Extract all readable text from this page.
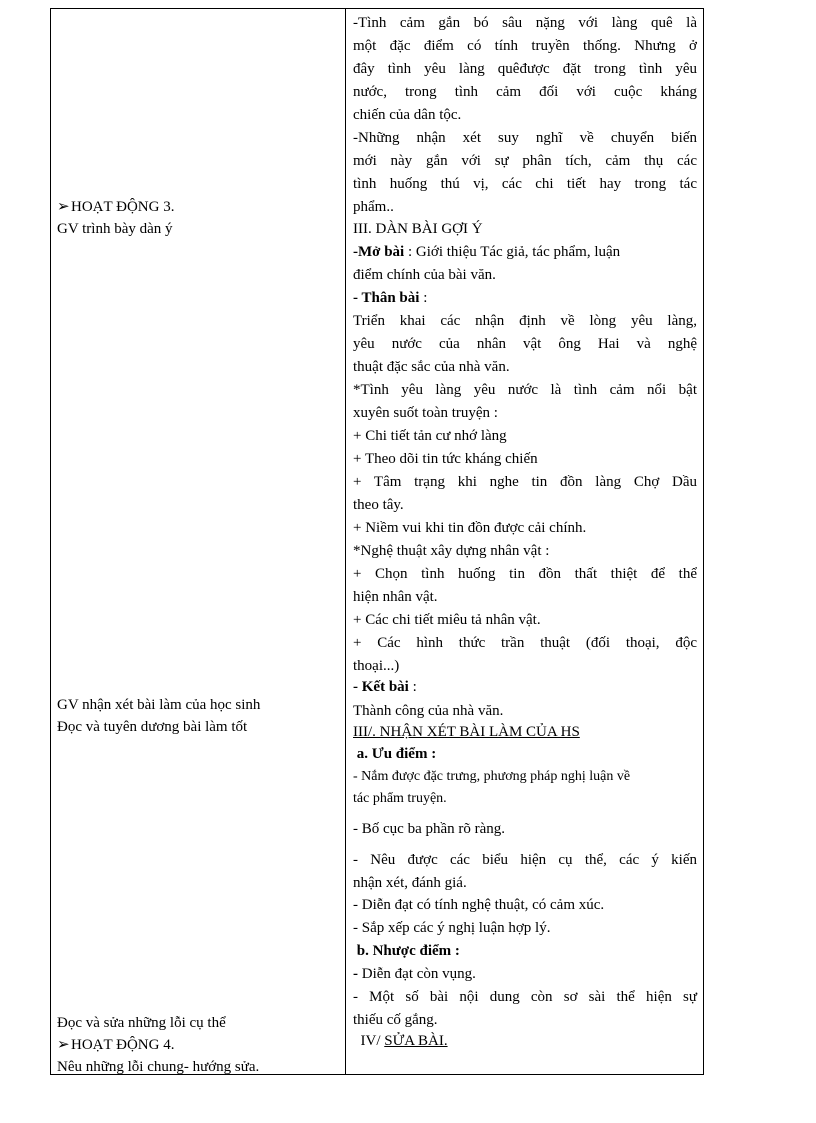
➢HOẠT ĐỘNG 3.
GV trình bày dàn ý
GV nhận xét bài làm của học sinh
Đọc và tuyên dương bài làm tốt
Đọc và sửa những lỗi cụ thể
➢HOẠT ĐỘNG 4.
Nêu những lỗi chung- hướng sửa.
-Tình cảm gắn bó sâu nặng với làng quê là
một đặc điểm có tính truyền thống. Nhưng ở
đây tình yêu làng quêđược đặt trong tình yêu
nước, trong tình cảm đối với cuộc kháng
chiến của dân tộc.
-Những nhận xét suy nghĩ về chuyển biến
mới này gắn với sự phân tích, cảm thụ các
tình huống thú vị, các chi tiết hay trong tác
phẩm..
III. DÀN BÀI GỢI Ý
-Mở bài : Giới thiệu Tác giả, tác phẩm, luận
điểm chính của bài văn.
- Thân bài :
Triển khai các nhận định về lòng yêu làng,
yêu nước của nhân vật ông Hai và nghệ
thuật đặc sắc của nhà văn.
*Tình yêu làng yêu nước là tình cảm nổi bật
xuyên suốt toàn truyện :
+ Chi tiết tản cư nhớ làng
+ Theo dõi tin tức kháng chiến
+ Tâm trạng khi nghe tin đồn làng Chợ Dầu
theo tây.
+ Niềm vui khi tin đồn được cải chính.
*Nghệ thuật xây dựng nhân vật :
+ Chọn tình huống tin đồn thất thiệt để thể
hiện nhân vật.
+ Các chi tiết miêu tả nhân vật.
+ Các hình thức trần thuật (đối thoại, độc
thoại...)
- Kết bài :
Thành công của nhà văn.
III/. NHẬN XÉT BÀI LÀM CỦA HS
a. Ưu điểm :
- Nắm được đặc trưng, phương pháp nghị luận về
tác phẩm truyện.
- Bố cục ba phần rõ ràng.
- Nêu được các biểu hiện cụ thể, các ý kiến
nhận xét, đánh giá.
- Diễn đạt có tính nghệ thuật, có cảm xúc.
- Sắp xếp các ý nghị luận hợp lý.
b. Nhược điểm :
- Diễn đạt còn vụng.
- Một số bài nội dung còn sơ sài thể hiện sự
thiếu cố gắng.
IV/ SỬA BÀI.
